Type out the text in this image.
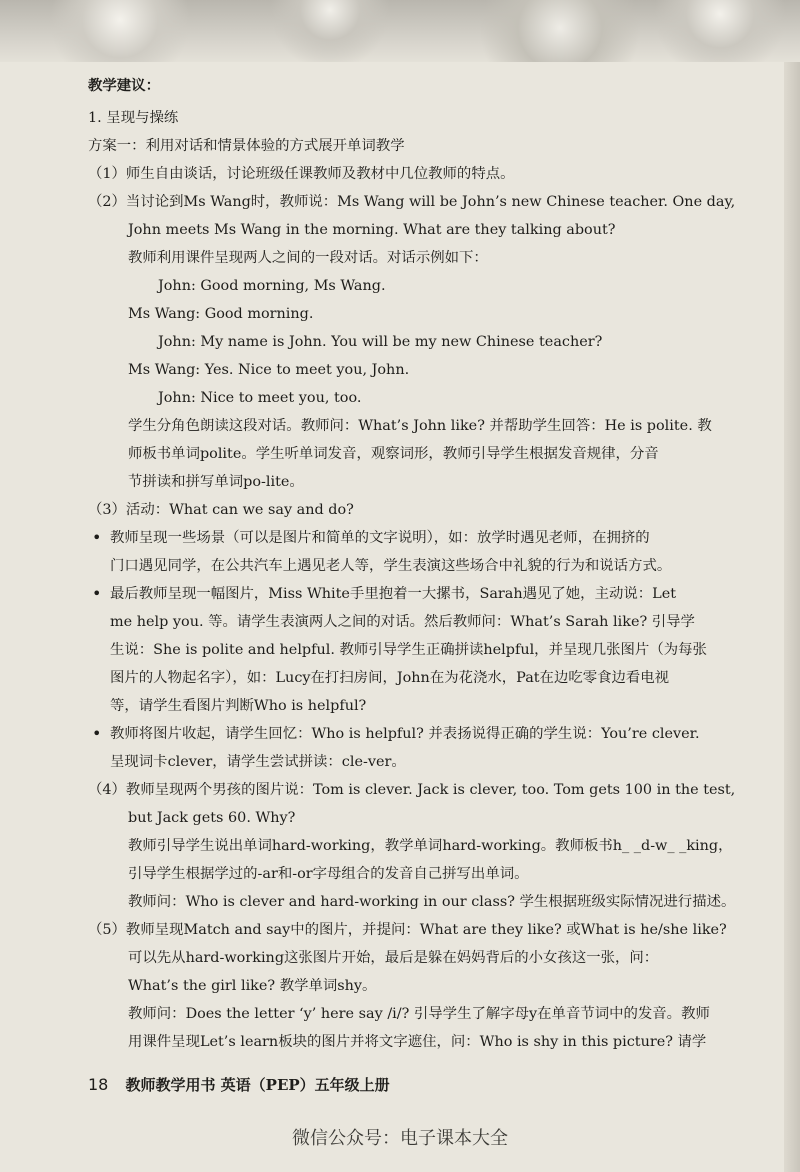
教学建议：
1. 呈现与操练
方案一：利用对话和情景体验的方式展开单词教学
（1）师生自由谈话，讨论班级任课教师及教材中几位教师的特点。
（2）当讨论到Ms Wang时，教师说：Ms Wang will be John’s new Chinese teacher. One day,
John meets Ms Wang in the morning. What are they talking about?
教师利用课件呈现两人之间的一段对话。对话示例如下：
John: Good morning, Ms Wang.
Ms Wang: Good morning.
John: My name is John. You will be my new Chinese teacher?
Ms Wang: Yes. Nice to meet you, John.
John: Nice to meet you, too.
学生分角色朗读这段对话。教师问：What’s John like? 并帮助学生回答：He is polite. 教
师板书单词polite。学生听单词发音，观察词形，教师引导学生根据发音规律，分音
节拼读和拼写单词po-lite。
（3）活动：What can we say and do?
• 教师呈现一些场景（可以是图片和简单的文字说明），如：放学时遇见老师，在拥挤的
门口遇见同学，在公共汽车上遇见老人等，学生表演这些场合中礼貌的行为和说话方式。
• 最后教师呈现一幅图片，Miss White手里抱着一大摞书，Sarah遇见了她，主动说：Let
me help you. 等。请学生表演两人之间的对话。然后教师问：What’s Sarah like? 引导学
生说：She is polite and helpful. 教师引导学生正确拼读helpful，并呈现几张图片（为每张
图片的人物起名字），如：Lucy在打扫房间，John在为花浇水，Pat在边吃零食边看电视
等，请学生看图片判断Who is helpful?
• 教师将图片收起，请学生回忆：Who is helpful? 并表扬说得正确的学生说：You’re clever.
呈现词卡clever，请学生尝试拼读：cle-ver。
（4）教师呈现两个男孩的图片说：Tom is clever. Jack is clever, too. Tom gets 100 in the test,
but Jack gets 60. Why?
教师引导学生说出单词hard-working，教学单词hard-working。教师板书h_ _d-w_ _king，
引导学生根据学过的-ar和-or字母组合的发音自己拼写出单词。
教师问：Who is clever and hard-working in our class? 学生根据班级实际情况进行描述。
（5）教师呈现Match and say中的图片，并提问：What are they like? 或What is he/she like?
可以先从hard-working这张图片开始，最后是躲在妈妈背后的小女孩这一张，问：
What’s the girl like? 教学单词shy。
教师问：Does the letter ‘y’ here say /i/? 引导学生了解字母y在单音节词中的发音。教师
用课件呈现Let’s learn板块的图片并将文字遮住，问：Who is shy in this picture? 请学
18 教师教学用书 英语（PEP）五年级上册
微信公众号：电子课本大全
